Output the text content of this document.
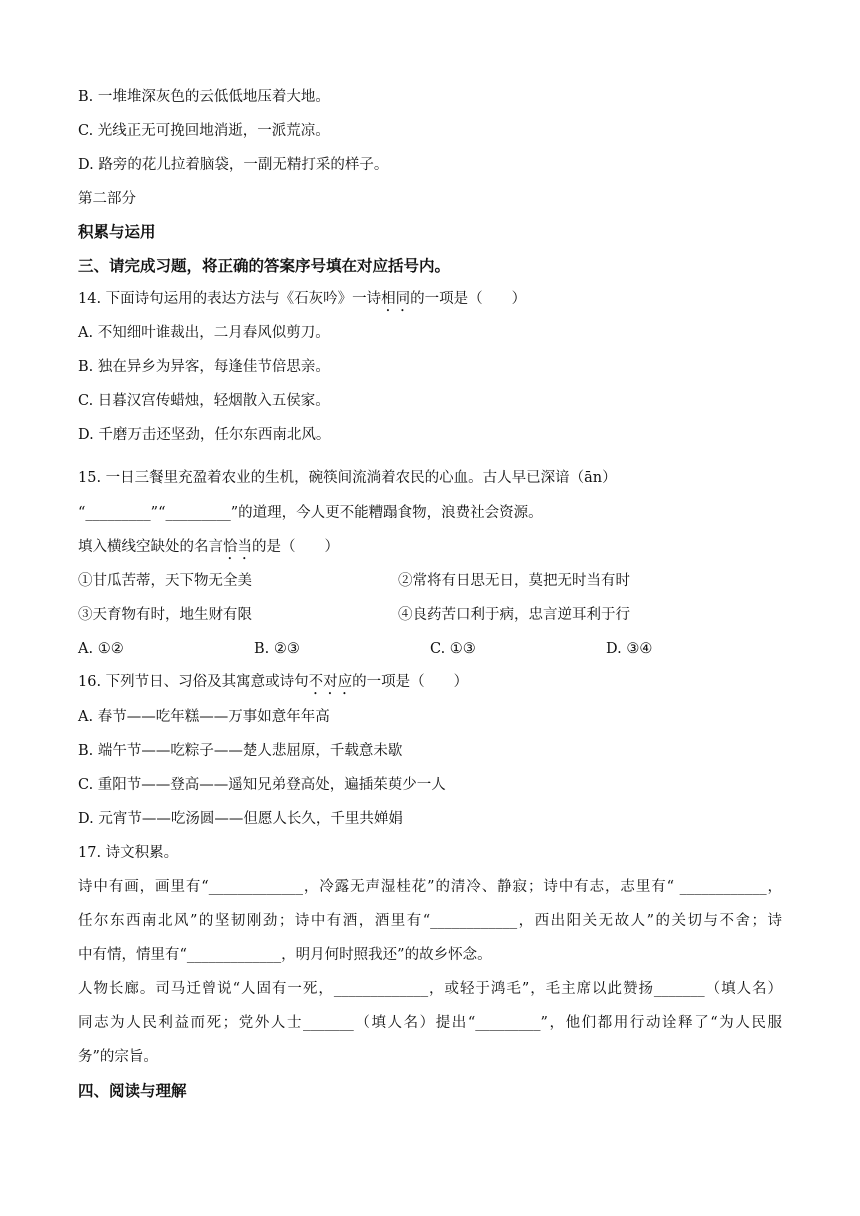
B. 一堆堆深灰色的云低低地压着大地。
C. 光线正无可挽回地消逝，一派荒凉。
D. 路旁的花儿拉着脑袋，一副无精打采的样子。
第二部分
积累与运用
三、请完成习题，将正确的答案序号填在对应括号内。
14. 下面诗句运用的表达方法与《石灰吟》一诗相同的一项是（　　）
A. 不知细叶谁裁出，二月春风似剪刀。
B. 独在异乡为异客，每逢佳节倍思亲。
C. 日暮汉宫传蜡烛，轻烟散入五侯家。
D. 千磨万击还坚劲，任尔东西南北风。
15. 一日三餐里充盈着农业的生机，碗筷间流淌着农民的心血。古人早已深谙（ān）
“_________”“_________”的道理，今人更不能糟蹋食物，浪费社会资源。
填入横线空缺处的名言恰当的是（　　）
①甘瓜苦蒂，天下物无全美	②常将有日思无日，莫把无时当有时
③天育物有时，地生财有限	④良药苦口利于病，忠言逆耳利于行
A. ①②	B. ②③	C. ①③	D. ③④
16. 下列节日、习俗及其寓意或诗句不对应的一项是（　　）
A. 春节——吃年糕——万事如意年年高
B. 端午节——吃粽子——楚人悲屈原，千载意未歇
C. 重阳节——登高——遥知兄弟登高处，遍插茱萸少一人
D. 元宵节——吃汤圆——但愿人长久，千里共婵娟
17. 诗文积累。
诗中有画，画里有“_____________，冷露无声湿桂花”的清冷、静寂；诗中有志，志里有“ ____________，
任尔东西南北风”的坚韧刚劲；诗中有酒，酒里有“____________，西出阳关无故人”的关切与不舍；诗
中有情，情里有“_____________，明月何时照我还”的故乡怀念。
人物长廊。司马迁曾说“人固有一死，_____________，或轻于鸿毛”，毛主席以此赞扬_______（填人名）
同志为人民利益而死；党外人士_______（填人名）提出“_________”，他们都用行动诠释了“为人民服
务”的宗旨。
四、阅读与理解
